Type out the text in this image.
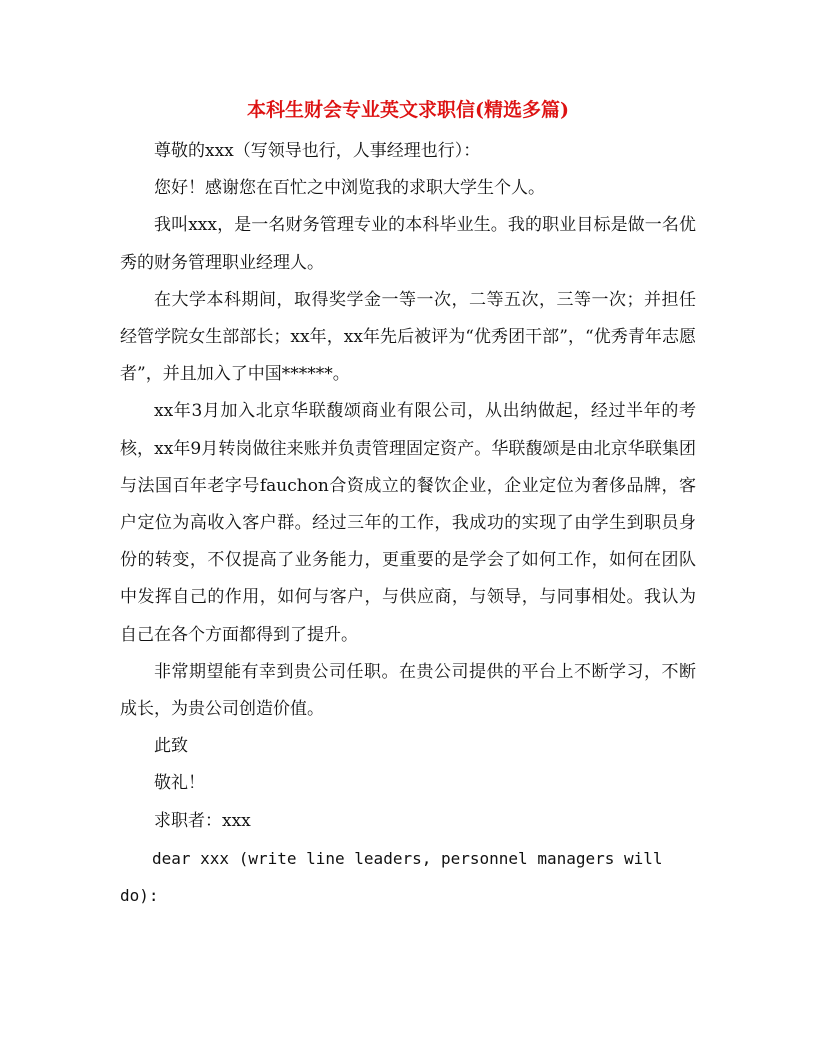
本科生财会专业英文求职信(精选多篇)

尊敬的xxx（写领导也行，人事经理也行）：

您好！感谢您在百忙之中浏览我的求职大学生个人。

我叫xxx，是一名财务管理专业的本科毕业生。我的职业目标是做一名优秀的财务管理职业经理人。

在大学本科期间，取得奖学金一等一次，二等五次，三等一次；并担任经管学院女生部部长；xx年，xx年先后被评为“优秀团干部”，“优秀青年志愿者”，并且加入了中国******。

xx年3月加入北京华联馥颂商业有限公司，从出纳做起，经过半年的考核，xx年9月转岗做往来账并负责管理固定资产。华联馥颂是由北京华联集团与法国百年老字号fauchon合资成立的餐饮企业，企业定位为奢侈品牌，客户定位为高收入客户群。经过三年的工作，我成功的实现了由学生到职员身份的转变，不仅提高了业务能力，更重要的是学会了如何工作，如何在团队中发挥自己的作用，如何与客户，与供应商，与领导，与同事相处。我认为自己在各个方面都得到了提升。

非常期望能有幸到贵公司任职。在贵公司提供的平台上不断学习，不断成长，为贵公司创造价值。

此致

敬礼！

求职者：xxx

dear xxx (write line leaders, personnel managers will do):
